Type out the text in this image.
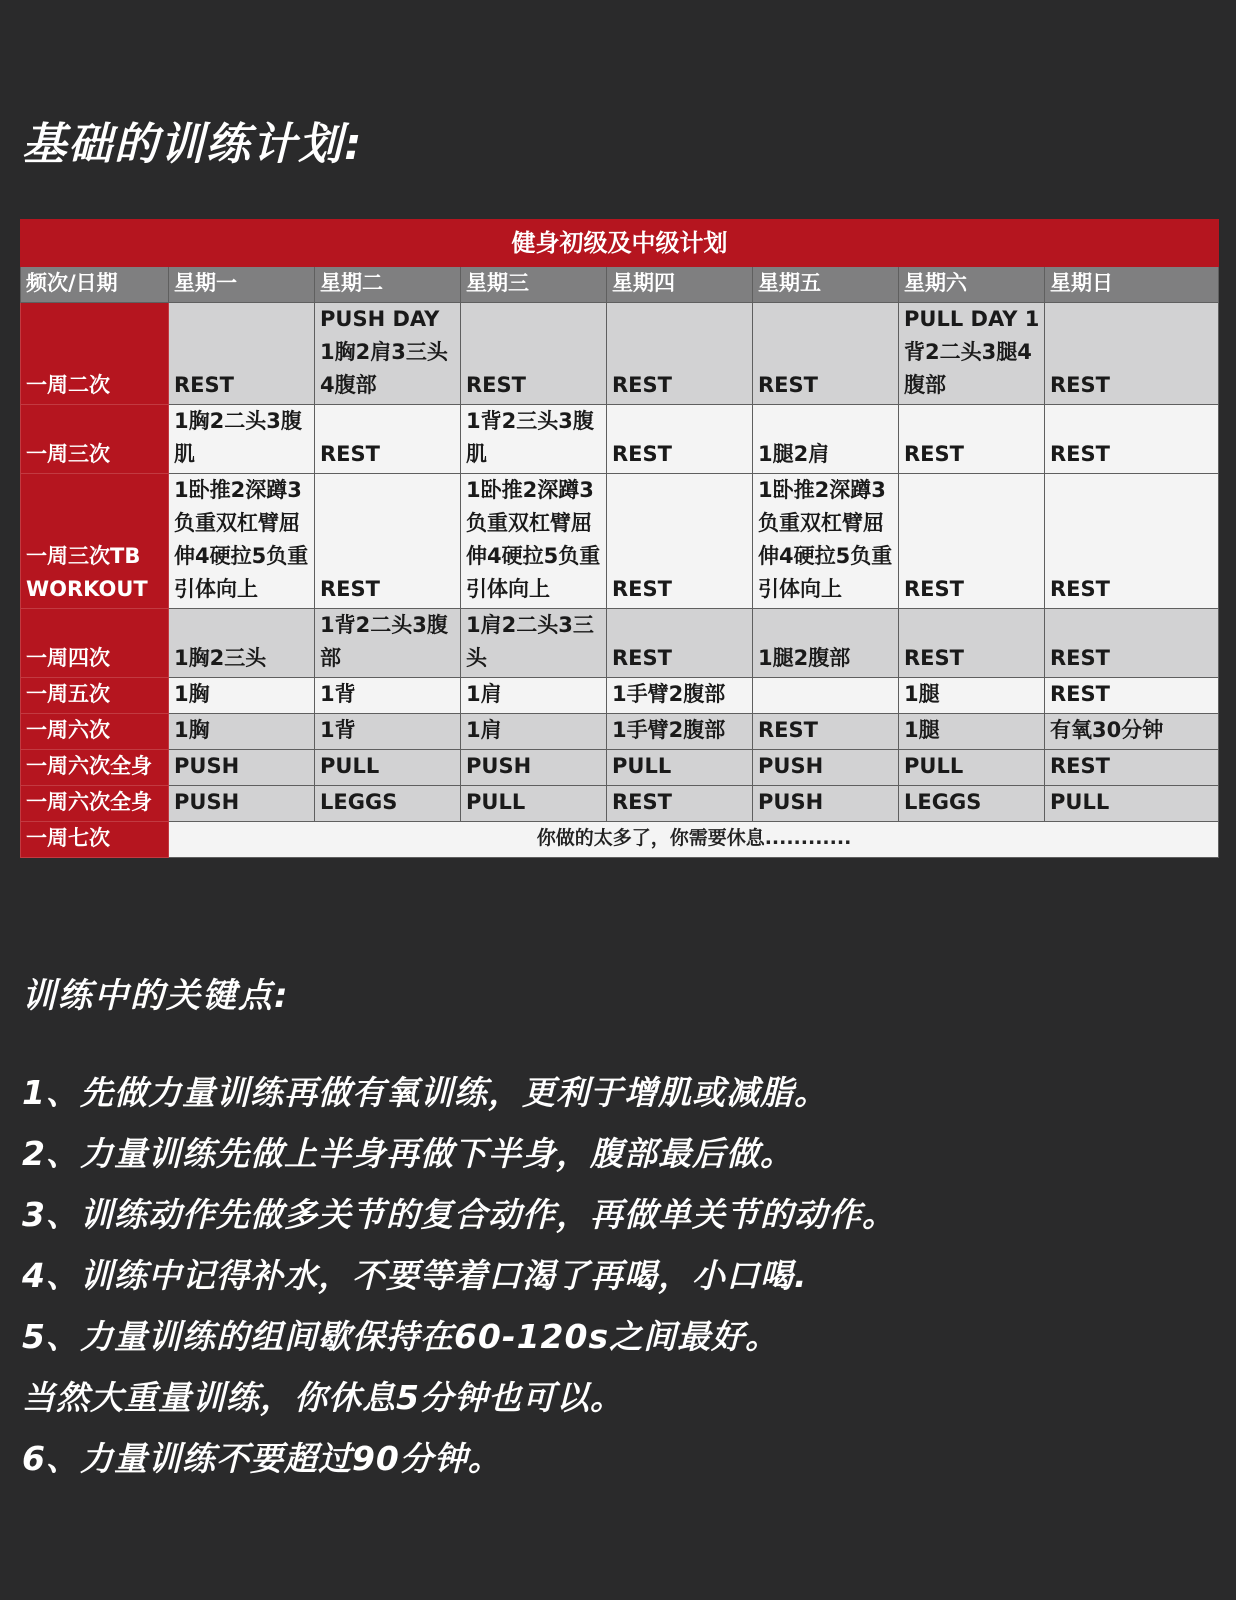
基础的训练计划:
健身初级及中级计划							
频次/日期	星期一	星期二	星期三	星期四	星期五	星期六	星期日
一周二次	REST	PUSH DAY 1胸2肩3三头4腹部	REST	REST	REST	PULL DAY 1背2二头3腿4腹部	REST
一周三次	1胸2二头3腹肌	REST	1背2三头3腹肌	REST	1腿2肩	REST	REST
一周三次TB WORKOUT	1卧推2深蹲3负重双杠臂屈伸4硬拉5负重引体向上	REST	1卧推2深蹲3负重双杠臂屈伸4硬拉5负重引体向上	REST	1卧推2深蹲3负重双杠臂屈伸4硬拉5负重引体向上	REST	REST
一周四次	1胸2三头	1背2二头3腹部	1肩2二头3三头	REST	1腿2腹部	REST	REST
一周五次	1胸	1背	1肩	1手臂2腹部		1腿	REST
一周六次	1胸	1背	1肩	1手臂2腹部	REST	1腿	有氧30分钟
一周六次全身	PUSH	PULL	PUSH	PULL	PUSH	PULL	REST
一周六次全身	PUSH	LEGGS	PULL	REST	PUSH	LEGGS	PULL
一周七次	你做的太多了，你需要休息............						
训练中的关键点:
1、先做力量训练再做有氧训练，更利于增肌或减脂。
2、力量训练先做上半身再做下半身，腹部最后做。
3、训练动作先做多关节的复合动作，再做单关节的动作。
4、训练中记得补水，不要等着口渴了再喝，小口喝.
5、力量训练的组间歇保持在60-120s之间最好。
当然大重量训练，你休息5分钟也可以。
6、力量训练不要超过90分钟。
